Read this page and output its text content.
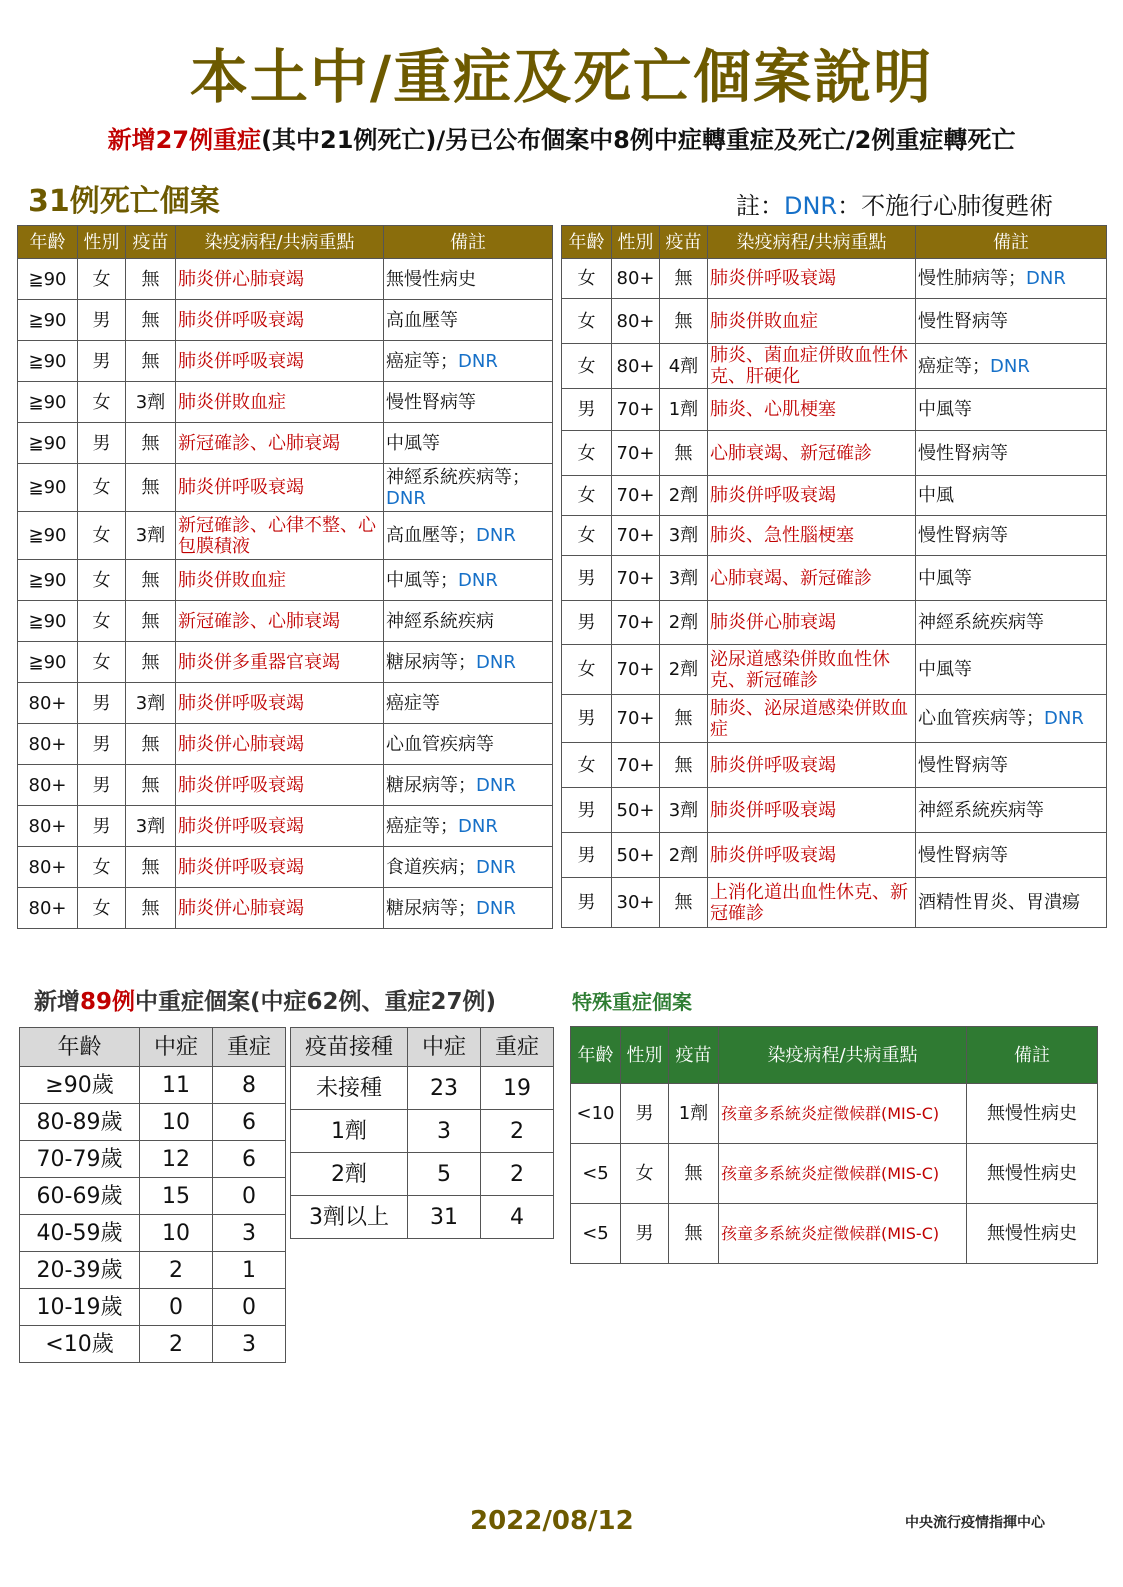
本土中/重症及死亡個案說明
新增27例重症(其中21例死亡)/另已公布個案中8例中症轉重症及死亡/2例重症轉死亡
31例死亡個案	註：DNR：不施行心肺復甦術
年齡	性別	疫苗	染疫病程/共病重點	備註
≧90	女	無	肺炎併心肺衰竭	無慢性病史
≧90	男	無	肺炎併呼吸衰竭	高血壓等
≧90	男	無	肺炎併呼吸衰竭	癌症等；DNR
≧90	女	3劑	肺炎併敗血症	慢性腎病等
≧90	男	無	新冠確診、心肺衰竭	中風等
≧90	女	無	肺炎併呼吸衰竭	神經系統疾病等；DNR
≧90	女	3劑	新冠確診、心律不整、心包膜積液	高血壓等；DNR
≧90	女	無	肺炎併敗血症	中風等；DNR
≧90	女	無	新冠確診、心肺衰竭	神經系統疾病
≧90	女	無	肺炎併多重器官衰竭	糖尿病等；DNR
80+	男	3劑	肺炎併呼吸衰竭	癌症等
80+	男	無	肺炎併心肺衰竭	心血管疾病等
80+	男	無	肺炎併呼吸衰竭	糖尿病等；DNR
80+	男	3劑	肺炎併呼吸衰竭	癌症等；DNR
80+	女	無	肺炎併呼吸衰竭	食道疾病；DNR
80+	女	無	肺炎併心肺衰竭	糖尿病等；DNR
年齡	性別	疫苗	染疫病程/共病重點	備註
女	80+	無	肺炎併呼吸衰竭	慢性肺病等；DNR
女	80+	無	肺炎併敗血症	慢性腎病等
女	80+	4劑	肺炎、菌血症併敗血性休克、肝硬化	癌症等；DNR
男	70+	1劑	肺炎、心肌梗塞	中風等
女	70+	無	心肺衰竭、新冠確診	慢性腎病等
女	70+	2劑	肺炎併呼吸衰竭	中風
女	70+	3劑	肺炎、急性腦梗塞	慢性腎病等
男	70+	3劑	心肺衰竭、新冠確診	中風等
男	70+	2劑	肺炎併心肺衰竭	神經系統疾病等
女	70+	2劑	泌尿道感染併敗血性休克、新冠確診	中風等
男	70+	無	肺炎、泌尿道感染併敗血症	心血管疾病等；DNR
女	70+	無	肺炎併呼吸衰竭	慢性腎病等
男	50+	3劑	肺炎併呼吸衰竭	神經系統疾病等
男	50+	2劑	肺炎併呼吸衰竭	慢性腎病等
男	30+	無	上消化道出血性休克、新冠確診	酒精性胃炎、胃潰瘍
新增89例中重症個案(中症62例、重症27例)	特殊重症個案
年齡	中症	重症
≥90歲	11	8
80-89歲	10	6
70-79歲	12	6
60-69歲	15	0
40-59歲	10	3
20-39歲	2	1
10-19歲	0	0
<10歲	2	3
疫苗接種	中症	重症
未接種	23	19
1劑	3	2
2劑	5	2
3劑以上	31	4
年齡	性別	疫苗	染疫病程/共病重點	備註
<10	男	1劑	孩童多系統炎症徵候群(MIS-C)	無慢性病史
<5	女	無	孩童多系統炎症徵候群(MIS-C)	無慢性病史
<5	男	無	孩童多系統炎症徵候群(MIS-C)	無慢性病史
2022/08/12	中央流行疫情指揮中心
